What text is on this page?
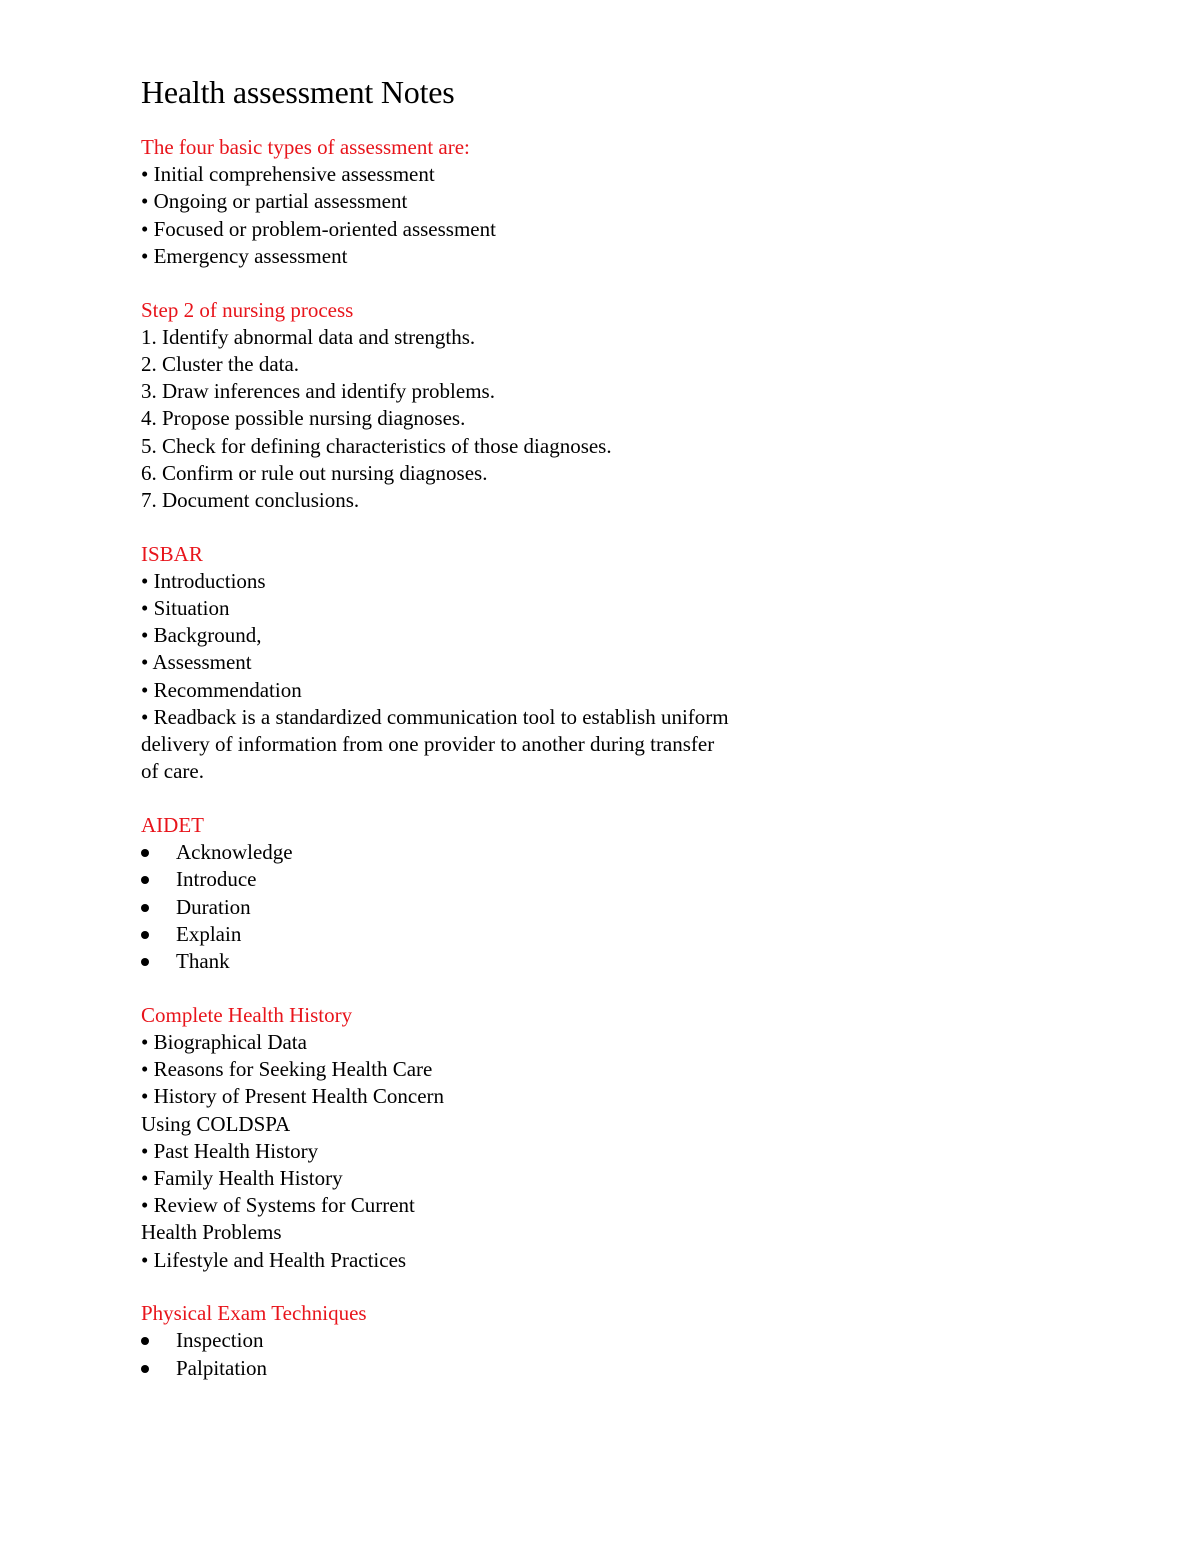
Health assessment Notes

The four basic types of assessment are:

• Initial comprehensive assessment

• Ongoing or partial assessment

• Focused or problem-oriented assessment

• Emergency assessment

Step 2 of nursing process

1. Identify abnormal data and strengths.

2. Cluster the data.

3. Draw inferences and identify problems.

4. Propose possible nursing diagnoses.

5. Check for defining characteristics of those diagnoses.

6. Confirm or rule out nursing diagnoses.

7. Document conclusions.

ISBAR

• Introductions

• Situation

• Background,

• Assessment

• Recommendation

• Readback is a standardized communication tool to establish uniform delivery of information from one provider to another during transfer of care.

AIDET

Acknowledge
Introduce
Duration
Explain
Thank

Complete Health History

• Biographical Data

• Reasons for Seeking Health Care

• History of Present Health Concern

Using COLDSPA

• Past Health History

• Family Health History

• Review of Systems for Current

Health Problems

• Lifestyle and Health Practices

Physical Exam Techniques

Inspection
Palpitation
